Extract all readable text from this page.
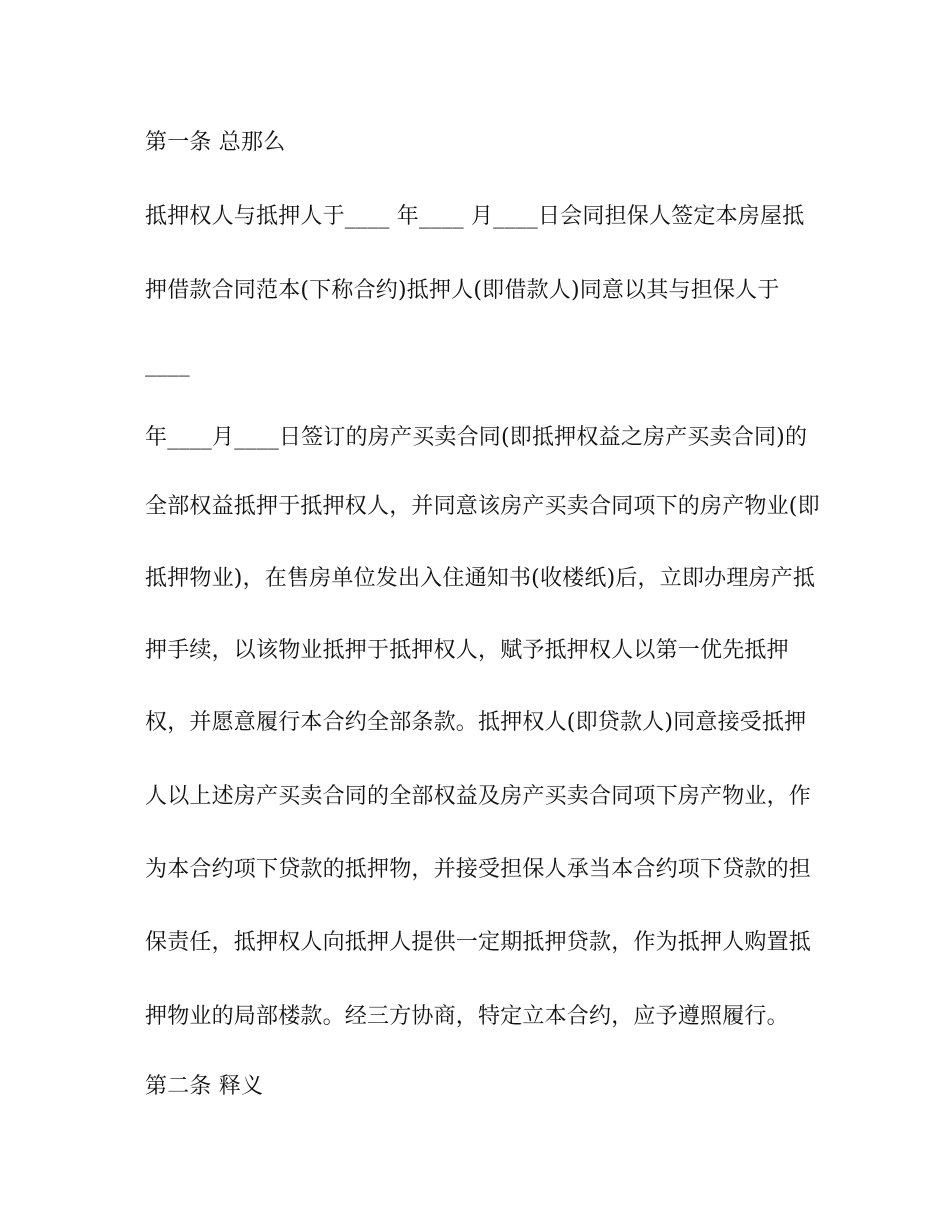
第一条 总那么
抵押权人与抵押人于____ 年____ 月____日会同担保人签定本房屋抵
押借款合同范本(下称合约)抵押人(即借款人)同意以其与担保人于
____
年____月____日签订的房产买卖合同(即抵押权益之房产买卖合同)的
全部权益抵押于抵押权人，并同意该房产买卖合同项下的房产物业(即
抵押物业)，在售房单位发出入住通知书(收楼纸)后，立即办理房产抵
押手续，以该物业抵押于抵押权人，赋予抵押权人以第一优先抵押
权，并愿意履行本合约全部条款。抵押权人(即贷款人)同意接受抵押
人以上述房产买卖合同的全部权益及房产买卖合同项下房产物业，作
为本合约项下贷款的抵押物，并接受担保人承当本合约项下贷款的担
保责任，抵押权人向抵押人提供一定期抵押贷款，作为抵押人购置抵
押物业的局部楼款。经三方协商，特定立本合约，应予遵照履行。
第二条 释义
